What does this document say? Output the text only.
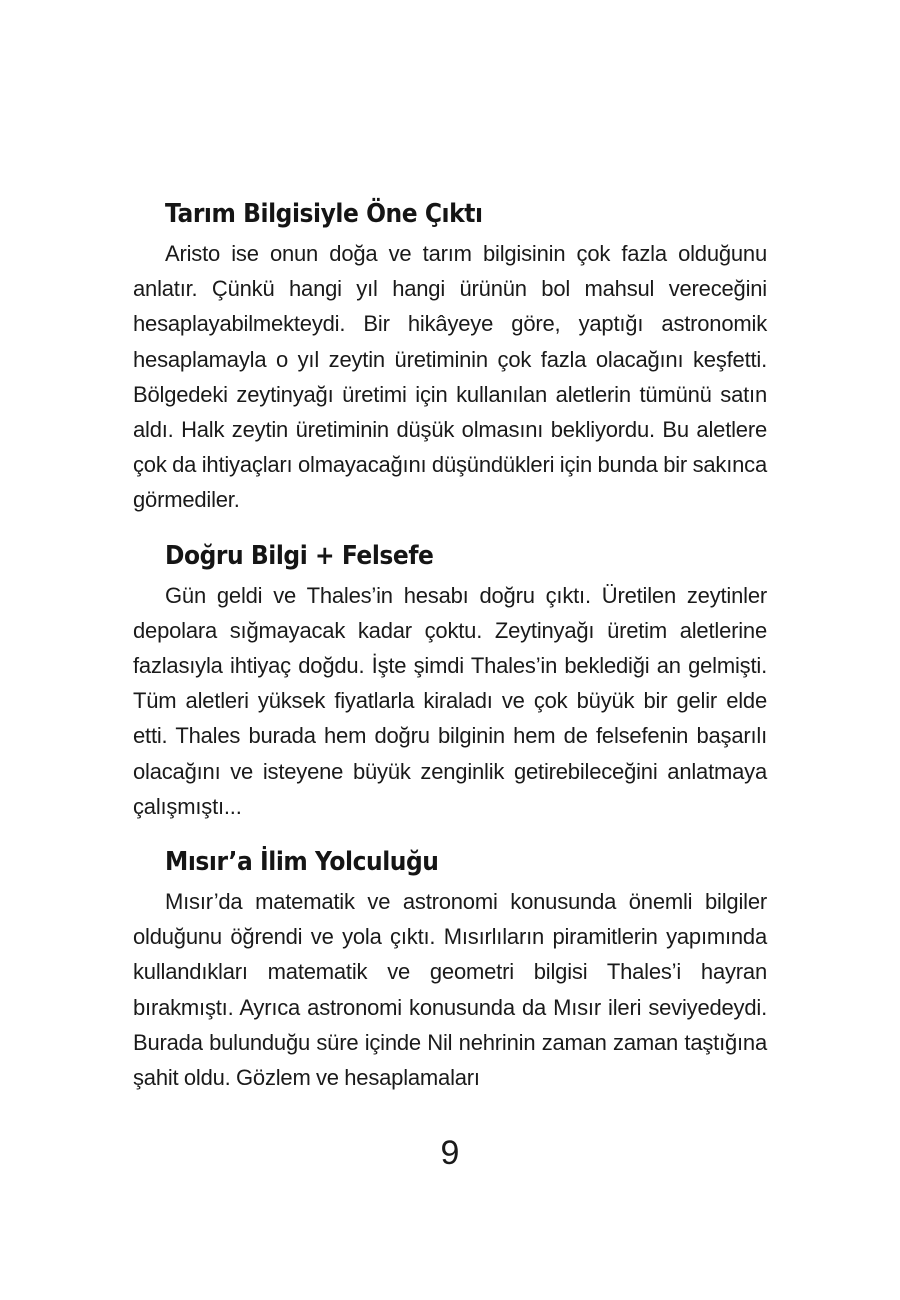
Tarım Bilgisiyle Öne Çıktı

Aristo ise onun doğa ve tarım bilgisinin çok fazla olduğunu anlatır. Çünkü hangi yıl hangi ürünün bol mahsul vereceğini hesaplayabilmekteydi. Bir hikâyeye göre, yaptığı astronomik hesaplamayla o yıl zeytin üretiminin çok fazla olacağını keşfetti. Bölgedeki zeytinyağı üretimi için kullanılan aletlerin tümünü satın aldı. Halk zeytin üretiminin düşük olmasını bekliyordu. Bu aletlere çok da ihtiyaçları olmayacağını düşündükleri için bunda bir sakınca görmediler.

Doğru Bilgi + Felsefe

Gün geldi ve Thales’in hesabı doğru çıktı. Üretilen zeytinler depolara sığmayacak kadar çoktu. Zeytinyağı üretim aletlerine fazlasıyla ihtiyaç doğdu. İşte şimdi Thales’in beklediği an gelmişti. Tüm aletleri yüksek fiyatlarla kiraladı ve çok büyük bir gelir elde etti. Thales burada hem doğru bilginin hem de felsefenin başarılı olacağını ve isteyene büyük zenginlik getirebileceğini anlatmaya çalışmıştı...

Mısır’a İlim Yolculuğu

Mısır’da matematik ve astronomi konusunda önemli bilgiler olduğunu öğrendi ve yola çıktı. Mısırlıların piramitlerin yapımında kullandıkları matematik ve geometri bilgisi Thales’i hayran bırakmıştı. Ayrıca astronomi konusunda da Mısır ileri seviyedeydi. Burada bulunduğu süre içinde Nil nehrinin zaman zaman taştığına şahit oldu. Gözlem ve hesaplamaları

9
